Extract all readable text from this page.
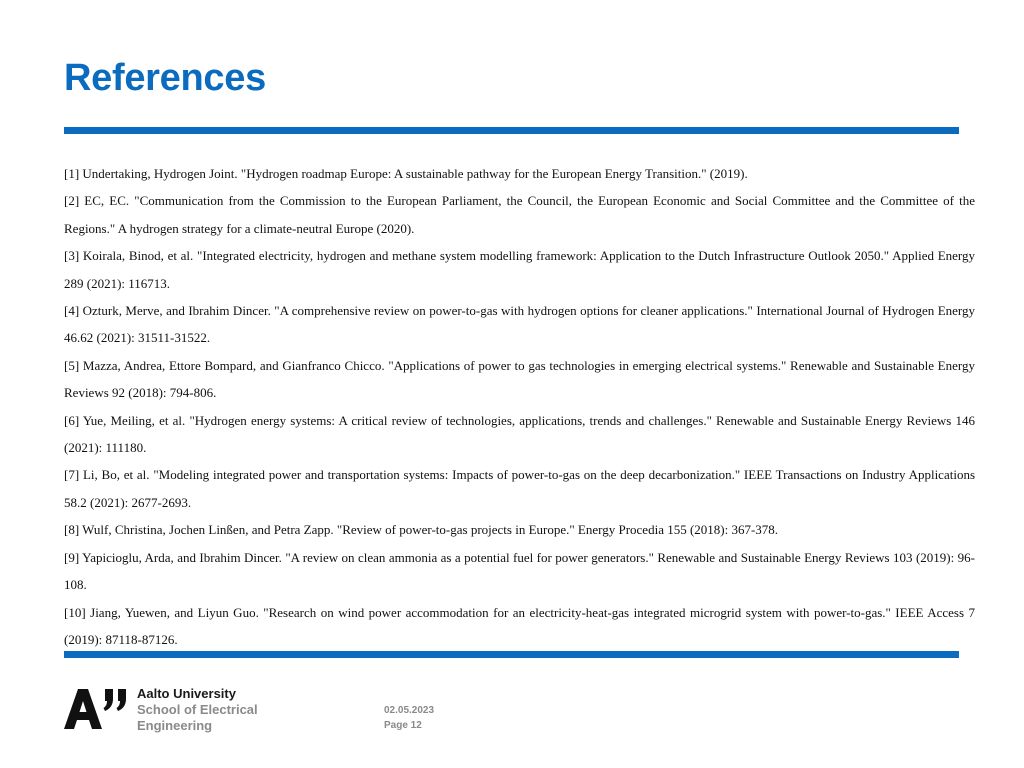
References

[1] Undertaking, Hydrogen Joint. "Hydrogen roadmap Europe: A sustainable pathway for the European Energy Transition." (2019).

[2] EC, EC. "Communication from the Commission to the European Parliament, the Council, the European Economic and Social Committee and the Committee of the Regions." A hydrogen strategy for a climate-neutral Europe (2020).

[3] Koirala, Binod, et al. "Integrated electricity, hydrogen and methane system modelling framework: Application to the Dutch Infrastructure Outlook 2050." Applied Energy 289 (2021): 116713.

[4] Ozturk, Merve, and Ibrahim Dincer. "A comprehensive review on power-to-gas with hydrogen options for cleaner applications." International Journal of Hydrogen Energy 46.62 (2021): 31511-31522.

[5] Mazza, Andrea, Ettore Bompard, and Gianfranco Chicco. "Applications of power to gas technologies in emerging electrical systems." Renewable and Sustainable Energy Reviews 92 (2018): 794-806.

[6] Yue, Meiling, et al. "Hydrogen energy systems: A critical review of technologies, applications, trends and challenges." Renewable and Sustainable Energy Reviews 146 (2021): 111180.

[7] Li, Bo, et al. "Modeling integrated power and transportation systems: Impacts of power-to-gas on the deep decarbonization." IEEE Transactions on Industry Applications 58.2 (2021): 2677-2693.

[8] Wulf, Christina, Jochen Linßen, and Petra Zapp. "Review of power-to-gas projects in Europe." Energy Procedia 155 (2018): 367-378.

[9] Yapicioglu, Arda, and Ibrahim Dincer. "A review on clean ammonia as a potential fuel for power generators." Renewable and Sustainable Energy Reviews 103 (2019): 96-108.

[10] Jiang, Yuewen, and Liyun Guo. "Research on wind power accommodation for an electricity-heat-gas integrated microgrid system with power-to-gas." IEEE Access 7 (2019): 87118-87126.

Aalto University
School of Electrical
Engineering
02.05.2023
Page 12
